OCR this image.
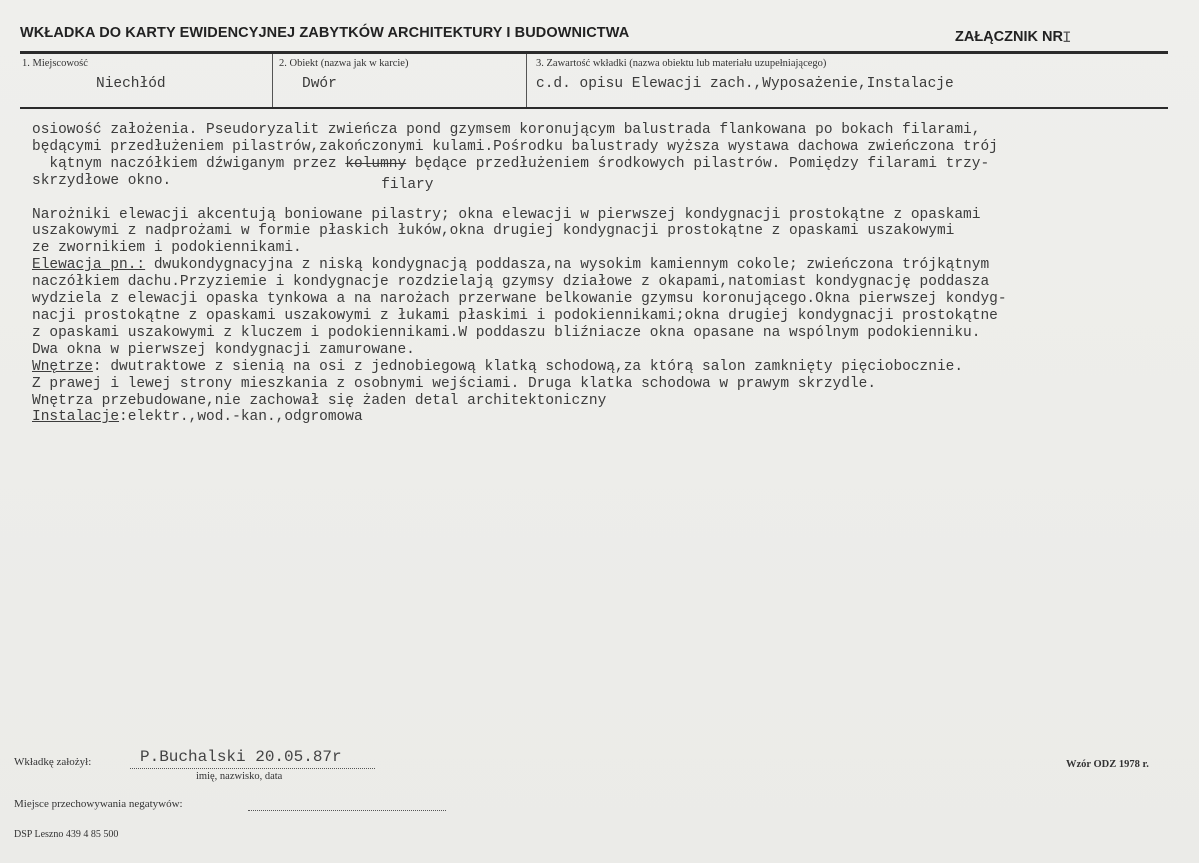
WKŁADKA DO KARTY EWIDENCYJNEJ ZABYTKÓW ARCHITEKTURY I BUDOWNICTWA	ZAŁĄCZNIK NR I
1. Miejscowość
Niechłód
2. Obiekt (nazwa jak w karcie)
Dwór
3. Zawartość wkładki (nazwa obiektu lub materiału uzupełniającego)
c.d. opisu Elewacji zach.,Wyposażenie,Instalacje
osiowość założenia. Pseudoryzalit zwieńcza pond gzymsem koronującym balustrada flankowana po bokach filarami,
będącymi przedłużeniem pilastrów,zakończonymi kulami.Pośrodku balustrady wyższa wystawa dachowa zwieńczona trój
kątnym naczółkiem dźwiganym przez kolumny będące przedłużeniem środkowych pilastrów. Pomiędzy filarami trzy-
skrzydłowe okno.	filary

Narożniki elewacji akcentują boniowane pilastry; okna elewacji w pierwszej kondygnacji prostokątne z opaskami
uszakowymi z nadprożami w formie płaskich łuków,okna drugiej kondygnacji prostokątne z opaskami uszakowymi
ze zwornikiem i podokiennikami.
Elewacja pn.: dwukondygnacyjna z niską kondygnacją poddasza,na wysokim kamiennym cokole; zwieńczona trójkątnym
naczółkiem dachu.Przyziemie i kondygnacje rozdzielają gzymsy działowe z okapami,natomiast kondygnację poddasza
wydziela z elewacji opaska tynkowa a na narożach przerwane belkowanie gzymsu koronującego.Okna pierwszej kondyg-
nacji prostokątne z opaskami uszakowymi z łukami płaskimi i podokiennikami;okna drugiej kondygnacji prostokątne
z opaskami uszakowymi z kluczem i podokiennikami.W poddaszu bliźniacze okna opasane na wspólnym podokienniku.
Dwa okna w pierwszej kondygnacji zamurowane.
Wnętrze: dwutraktowe z sienią na osi z jednobiegową klatką schodową,za którą salon zamknięty pięciobocznie.
Z prawej i lewej strony mieszkania z osobnymi wejściami. Druga klatka schodowa w prawym skrzydle.
Wnętrza przebudowane,nie zachował się żaden detal architektoniczny
Instalacje:elektr.,wod.-kan.,odgromowa
Wkładkę założył:	P.Buchalski 20.05.87r
imię, nazwisko, data
Wzór ODZ 1978 r.
Miejsce przechowywania negatywów:
DSP Leszno 439 4 85 500
